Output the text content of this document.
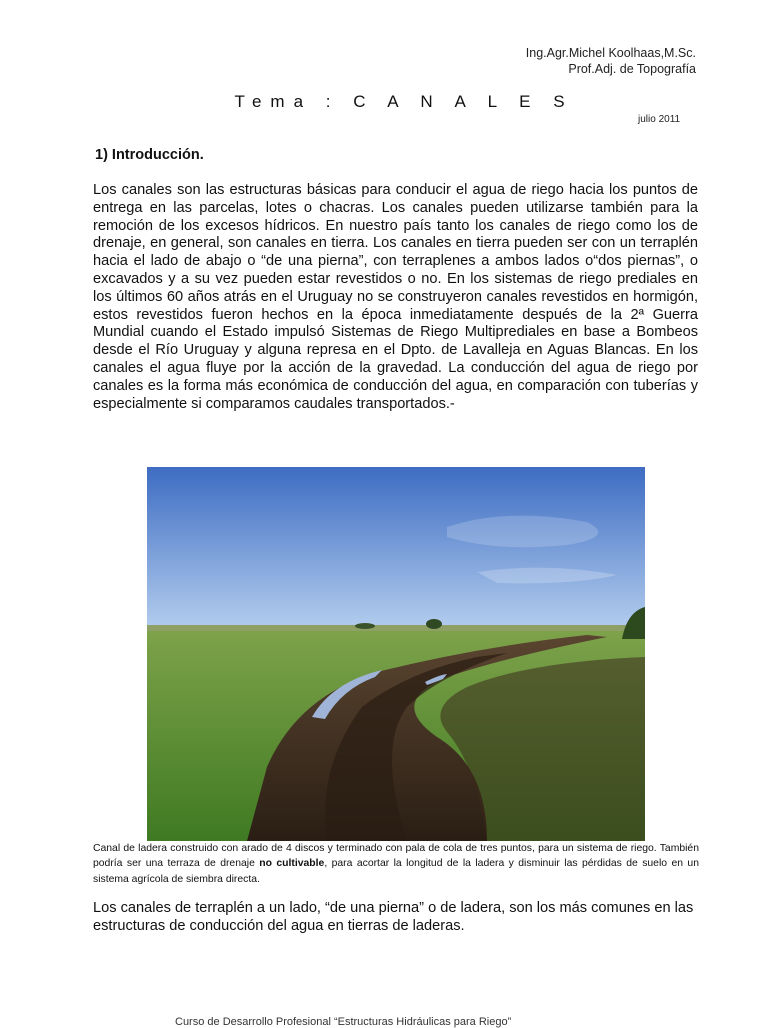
Ing.Agr.Michel Koolhaas,M.Sc.
Prof.Adj. de Topografía
Tema : C A N A L E S
julio 2011
1) Introducción.

Los canales son las estructuras básicas para conducir el agua de riego hacia los puntos de entrega en las parcelas, lotes o chacras. Los canales pueden utilizarse también para la remoción de los excesos hídricos. En nuestro país tanto los canales de riego como los de drenaje, en general, son canales en tierra. Los canales en tierra pueden ser con un terraplén hacia el lado de abajo o “de una pierna”, con terraplenes a ambos lados o“dos piernas”, o excavados y a su vez pueden estar revestidos o no. En los sistemas de riego prediales en los últimos 60 años atrás en el Uruguay no se construyeron canales revestidos en hormigón, estos revestidos fueron hechos en la época inmediatamente después de la 2ª Guerra Mundial cuando el Estado impulsó Sistemas de Riego Multiprediales en base a Bombeos desde el Río Uruguay y alguna represa en el Dpto. de Lavalleja en Aguas Blancas. En los canales el agua fluye por la acción de la gravedad. La conducción del agua de riego por canales es la forma más económica de conducción del agua, en comparación con tuberías y especialmente si comparamos caudales transportados.-

Canal de ladera construido con arado de 4 discos y terminado con pala de cola de tres puntos, para un sistema de riego. También podría ser una terraza de drenaje no cultivable, para acortar la longitud de la ladera y disminuir las pérdidas de suelo en un sistema agrícola de siembra directa.
Los canales de terraplén a un lado, “de una pierna” o de ladera, son los más comunes en las estructuras de conducción del agua en tierras de laderas.
Curso de Desarrollo Profesional “Estructuras Hidráulicas para Riego”
